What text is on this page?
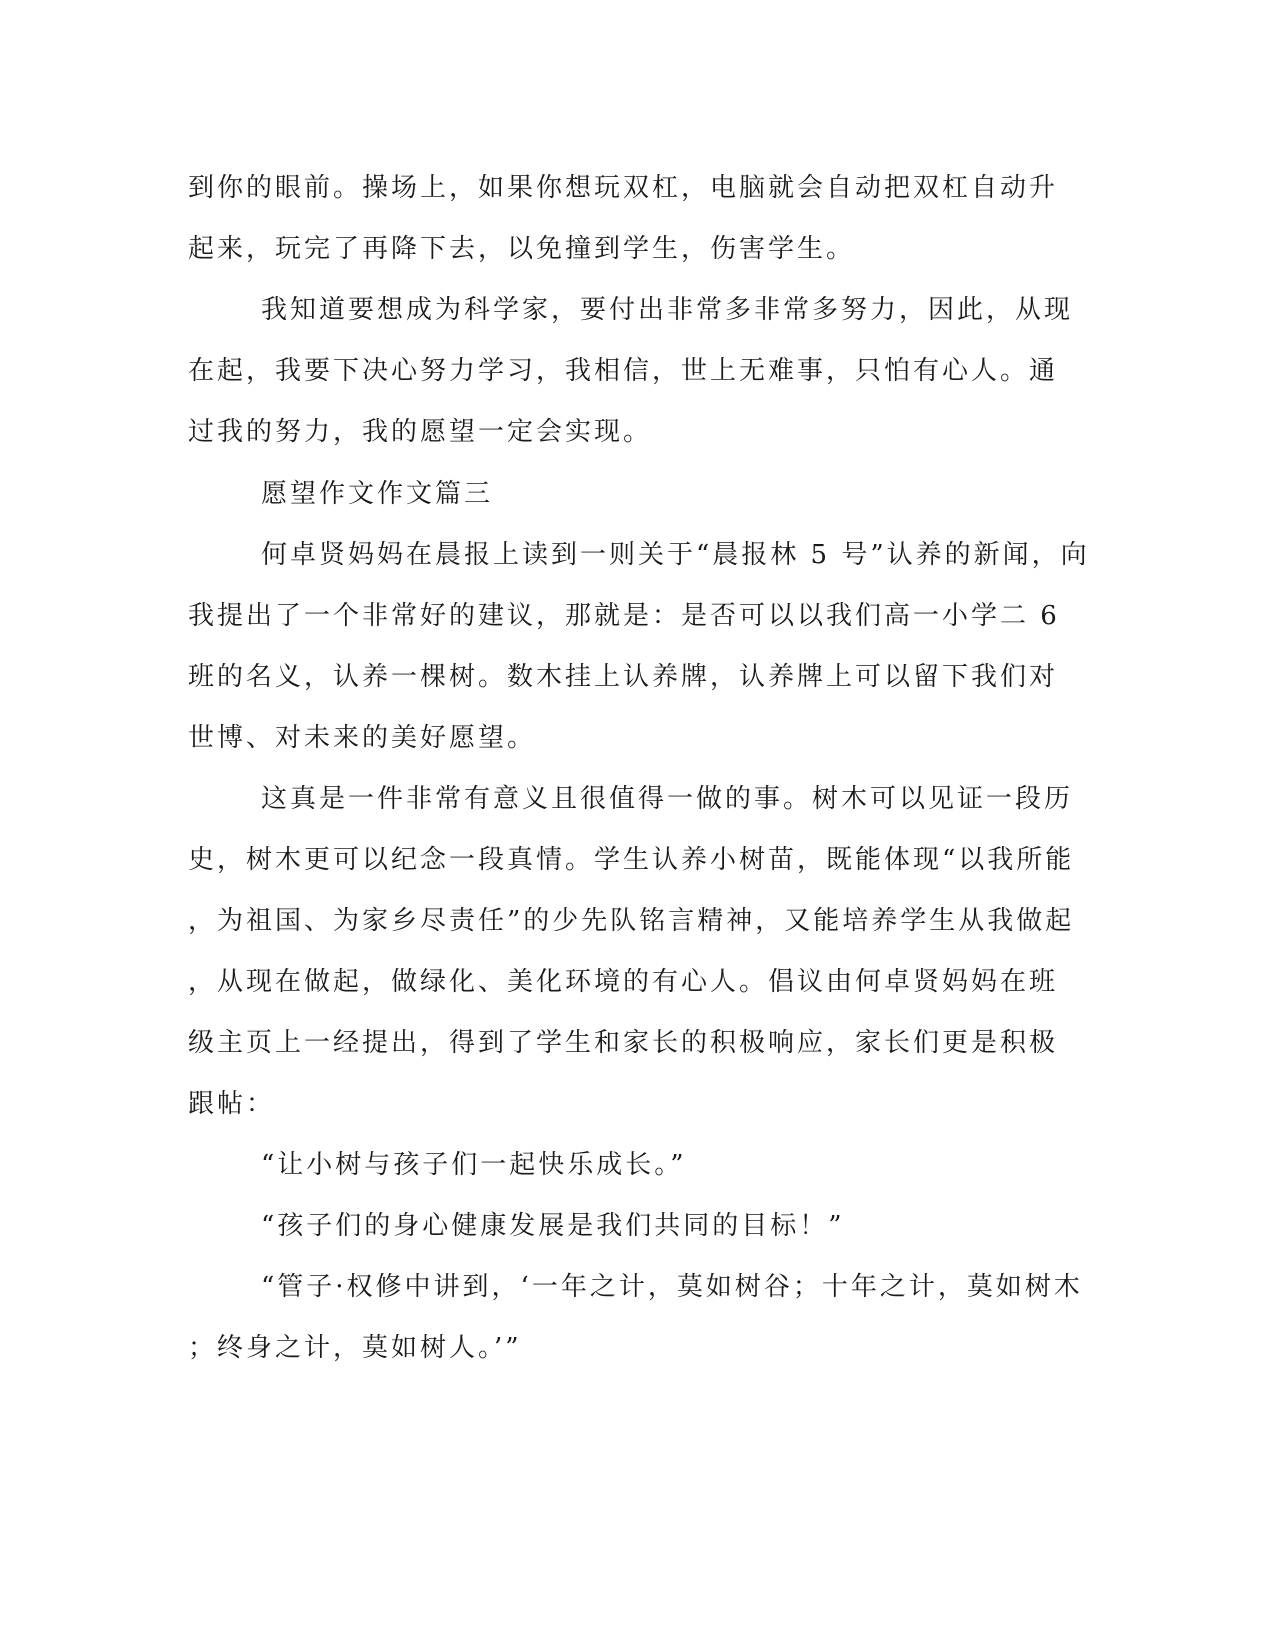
到你的眼前。操场上，如果你想玩双杠，电脑就会自动把双杠自动升
起来，玩完了再降下去，以免撞到学生，伤害学生。
我知道要想成为科学家，要付出非常多非常多努力，因此，从现
在起，我要下决心努力学习，我相信，世上无难事，只怕有心人。通
过我的努力，我的愿望一定会实现。
愿望作文作文篇三
何卓贤妈妈在晨报上读到一则关于“晨报林 5 号”认养的新闻，向
我提出了一个非常好的建议，那就是：是否可以以我们高一小学二 6
班的名义，认养一棵树。数木挂上认养牌，认养牌上可以留下我们对
世博、对未来的美好愿望。
这真是一件非常有意义且很值得一做的事。树木可以见证一段历
史，树木更可以纪念一段真情。学生认养小树苗，既能体现“以我所能
，为祖国、为家乡尽责任”的少先队铭言精神，又能培养学生从我做起
，从现在做起，做绿化、美化环境的有心人。倡议由何卓贤妈妈在班
级主页上一经提出，得到了学生和家长的积极响应，家长们更是积极
跟帖：
“让小树与孩子们一起快乐成长。”
“孩子们的身心健康发展是我们共同的目标！”
“管子·权修中讲到，‘一年之计，莫如树谷；十年之计，莫如树木
；终身之计，莫如树人。’”
